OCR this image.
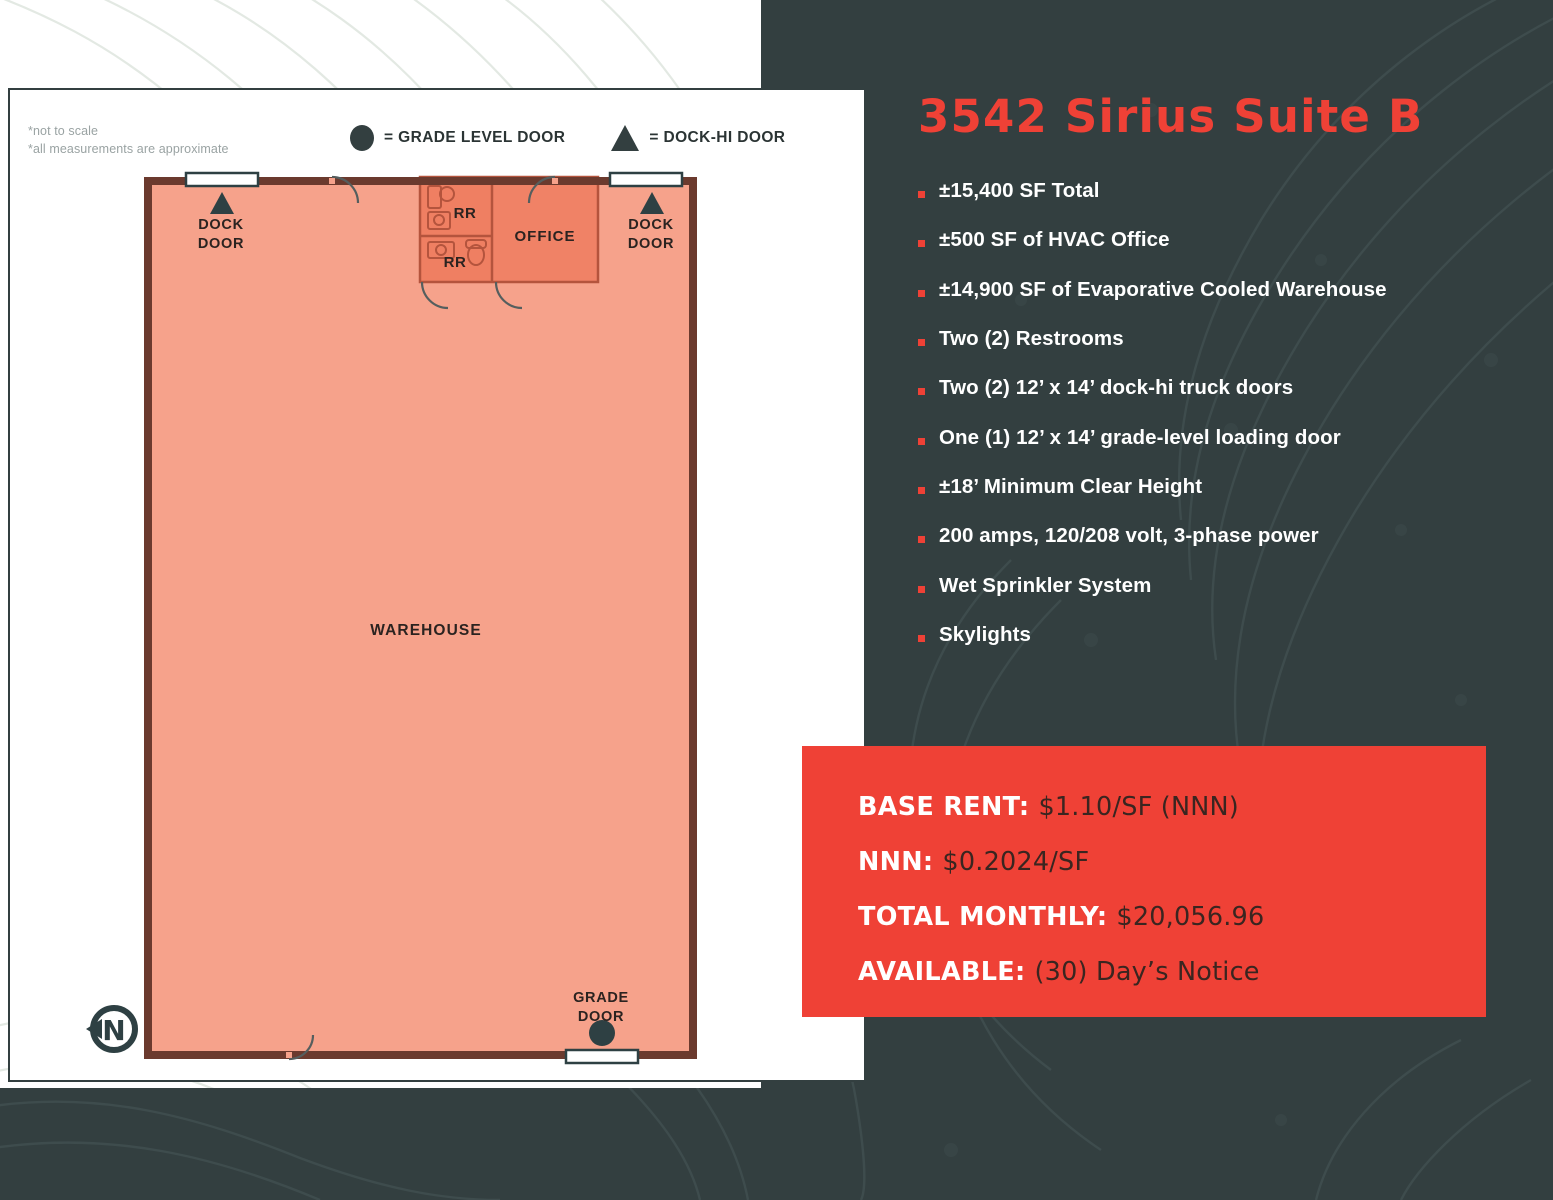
*not to scale
*all measurements are approximate
= GRADE LEVEL DOOR	= DOCK-HI DOOR
N
WAREHOUSE
OFFICE
RR
RR
DOCK
DOOR
DOCK
DOOR
GRADE
DOOR
3542 Sirius Suite B
±15,400 SF Total
±500 SF of HVAC Office
±14,900 SF of Evaporative Cooled Warehouse
Two (2) Restrooms
Two (2) 12’ x 14’ dock-hi truck doors
One (1) 12’ x 14’ grade-level loading door
±18’ Minimum Clear Height
200 amps, 120/208 volt, 3-phase power
Wet Sprinkler System
Skylights
BASE RENT: $1.10/SF (NNN)
NNN: $0.2024/SF
TOTAL MONTHLY: $20,056.96
AVAILABLE: (30) Day’s Notice
